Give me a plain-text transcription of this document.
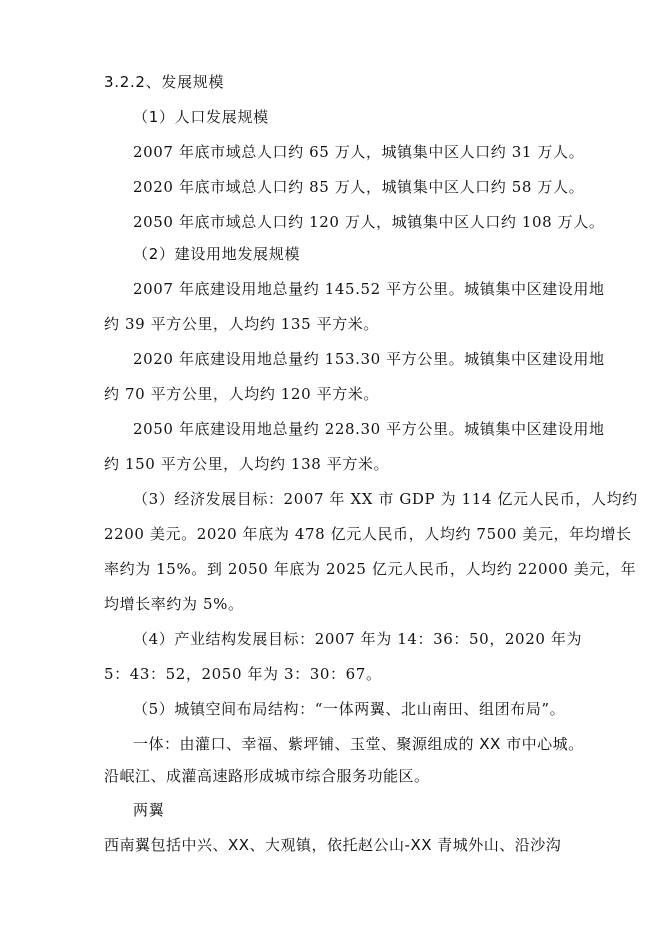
3.2.2、发展规模
（1）人口发展规模
2007 年底市域总人口约 65 万人，城镇集中区人口约 31 万人。
2020 年底市域总人口约 85 万人，城镇集中区人口约 58 万人。
2050 年底市域总人口约 120 万人，城镇集中区人口约 108 万人。
（2）建设用地发展规模
2007 年底建设用地总量约 145.52 平方公里。城镇集中区建设用地
约 39 平方公里，人均约 135 平方米。
2020 年底建设用地总量约 153.30 平方公里。城镇集中区建设用地
约 70 平方公里，人均约 120 平方米。
2050 年底建设用地总量约 228.30 平方公里。城镇集中区建设用地
约 150 平方公里，人均约 138 平方米。
（3）经济发展目标：2007 年 XX 市 GDP 为 114 亿元人民币，人均约
2200 美元。2020 年底为 478 亿元人民币，人均约 7500 美元，年均增长
率约为 15%。到 2050 年底为 2025 亿元人民币，人均约 22000 美元，年
均增长率约为 5%。
（4）产业结构发展目标：2007 年为 14：36：50，2020 年为
5：43：52，2050 年为 3：30：67。
（5）城镇空间布局结构：“一体两翼、北山南田、组团布局”。
一体：由灌口、幸福、紫坪铺、玉堂、聚源组成的 XX 市中心城。
沿岷江、成灌高速路形成城市综合服务功能区。
两翼
西南翼包括中兴、XX、大观镇，依托赵公山-XX 青城外山、沿沙沟
